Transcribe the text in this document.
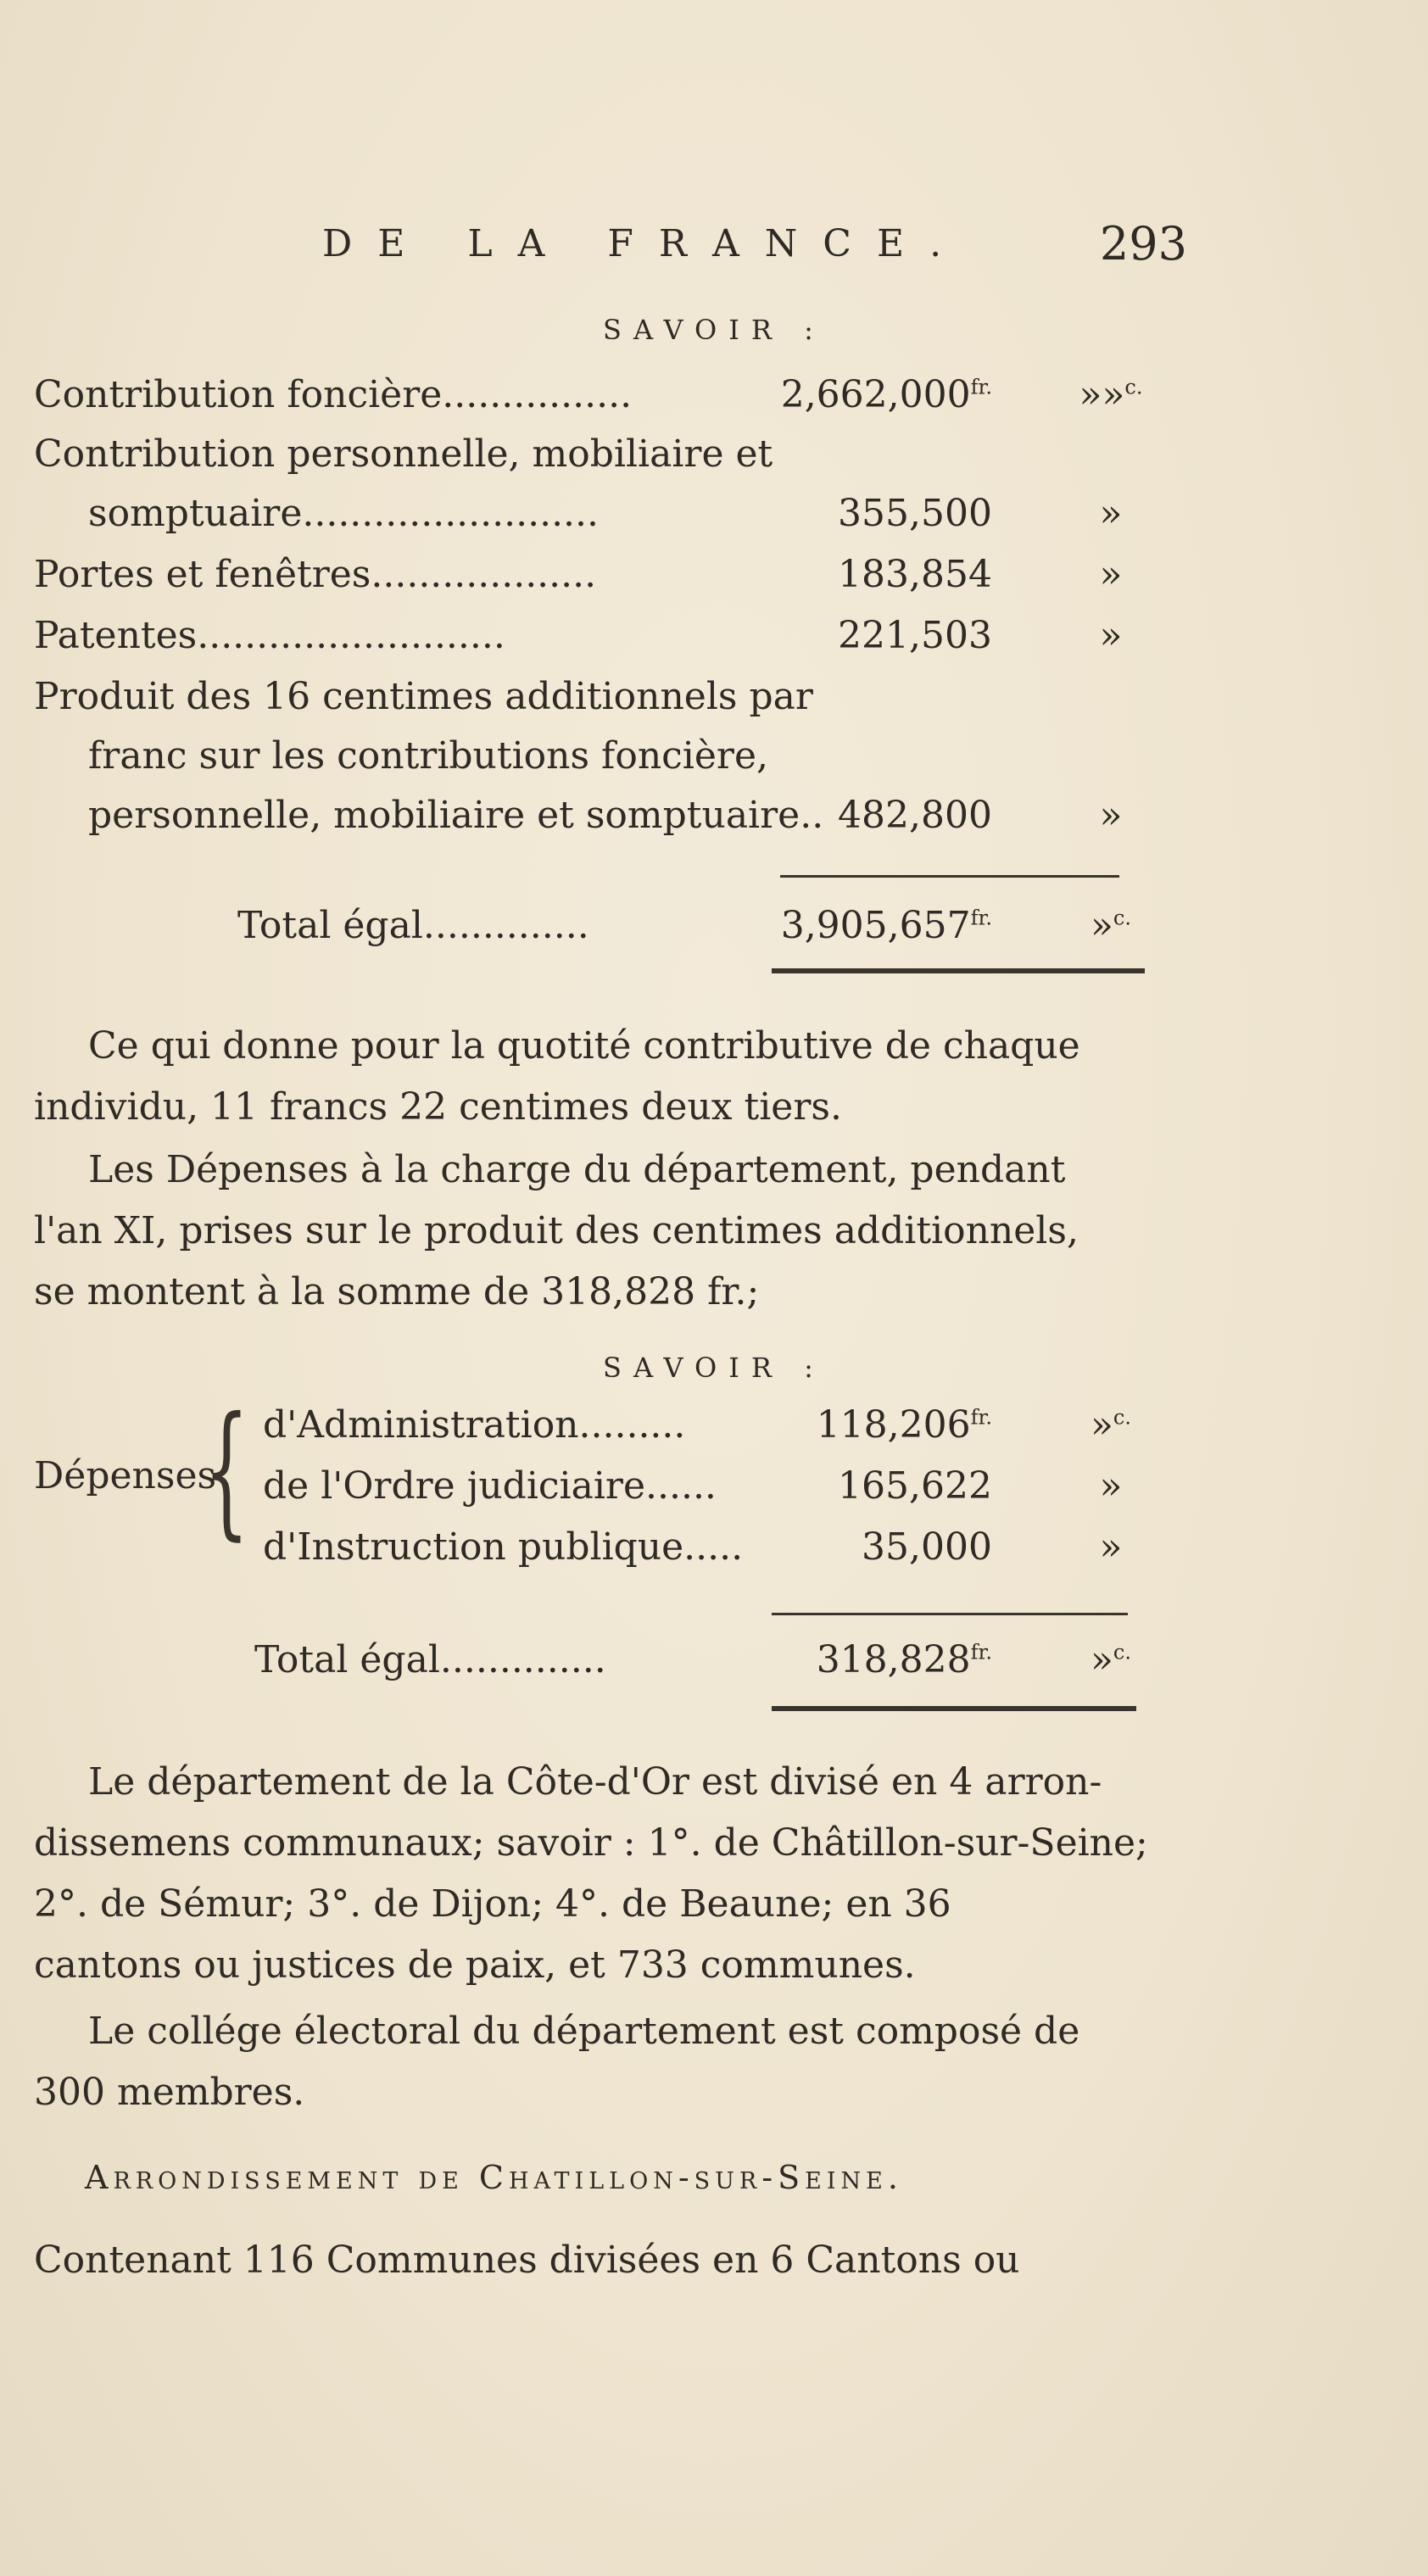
DE LA FRANCE.	293
SAVOIR :
Contribution foncière................	$2,662,000^{fr.}$	»»$^{c.}$
Contribution personnelle, mobiliaire et
somptuaire.........................	355,500	»
Portes et fenêtres...................	183,854	»
Patentes..........................	221,503	»
Produit des 16 centimes additionnels par
franc sur les contributions foncière,
personnelle, mobiliaire et somptuaire.. 482,800	»
Total égal..............	$3,905,657^{fr.}$	»$^{c.}$
Ce qui donne pour la quotité contributive de chaque
individu, 11 francs 22 centimes deux tiers.
Les Dépenses à la charge du département, pendant
l'an XI, prises sur le produit des centimes additionnels,
se montent à la somme de 318,828 fr.;
SAVOIR :
Dépenses
{ d'Administration.........	$118,206^{fr.}$	»$^{c.}$
de l'Ordre judiciaire......	165,622	»
d'Instruction publique.....	35,000	»
Total égal..............	$318,828^{fr.}$	»$^{c.}$
Le département de la Côte-d'Or est divisé en 4 arron-
dissemens communaux; savoir : 1°. de Châtillon-sur-Seine;
2°. de Sémur; 3°. de Dijon; 4°. de Beaune; en 36
cantons ou justices de paix, et 733 communes.
Le collége électoral du département est composé de
300 membres.
Arrondissement de Chatillon-sur-Seine.
Contenant 116 Communes divisées en 6 Cantons ou
